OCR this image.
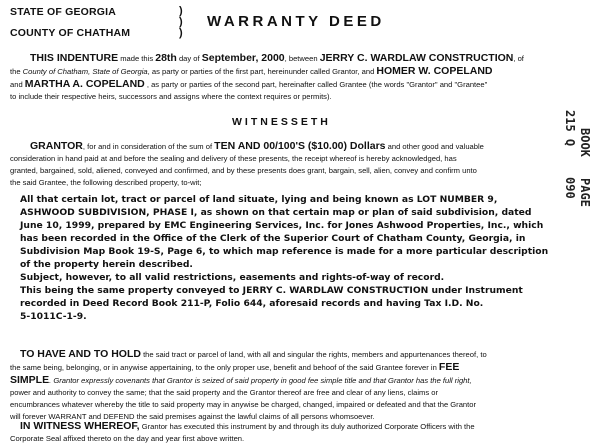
STATE OF GEORGIA
COUNTY OF CHATHAM
)
)
)
WARRANTY DEED
THIS INDENTURE made this 28th day of September, 2000, between JERRY C. WARDLAW CONSTRUCTION, of
the County of Chatham, State of Georgia, as party or parties of the first part, hereinunder called Grantor, and HOMER W. COPELAND
and MARTHA A. COPELAND , as party or parties of the second part, hereinafter called Grantee (the words "Grantor" and "Grantee"
to include their respective heirs, successors and assigns where the context requires or permits).
WITNESSETH
GRANTOR, for and in consideration of the sum of TEN AND 00/100'S ($10.00) Dollars and other good and valuable
consideration in hand paid at and before the sealing and delivery of these presents, the receipt whereof is hereby acknowledged, has
granted, bargained, sold, aliened, conveyed and confirmed, and by these presents does grant, bargain, sell, alien, convey and confirm unto
the said Grantee, the following described property, to-wit;
All that certain lot, tract or parcel of land situate, lying and being known as LOT NUMBER 9,
ASHWOOD SUBDIVISION, PHASE I, as shown on that certain map or plan of said subdivision, dated
June 10, 1999, prepared by EMC Engineering Services, Inc. for Jones Ashwood Properties, Inc., which
has been recorded in the Office of the Clerk of the Superior Court of Chatham County, Georgia, in
Subdivision Map Book 19-S, Page 6, to which map reference is made for a more particular description
of the property herein described.
Subject, however, to all valid restrictions, easements and rights-of-way of record.
This being the same property conveyed to JERRY C. WARDLAW CONSTRUCTION under Instrument
recorded in Deed Record Book 211-P, Folio 644, aforesaid records and having Tax I.D. No.
5-1011C-1-9.
TO HAVE AND TO HOLD the said tract or parcel of land, with all and singular the rights, members and appurtenances thereof, to
the same being, belonging, or in anywise appertaining, to the only proper use, benefit and behoof of the said Grantee forever in FEE
SIMPLE. Grantor expressly covenants that Grantor is seized of said property in good fee simple title and that Grantor has the full right,
power and authority to convey the same; that the said property and the Grantor thereof are free and clear of any liens, claims or
encumbrances whatever whereby the title to said property may in anywise be charged, changed, impaired or defeated and that the Grantor
will forever WARRANT and DEFEND the said premises against the lawful claims of all persons whomsoever.
IN WITNESS WHEREOF, Grantor has executed this instrument by and through its duly authorized Corporate Officers with the
Corporate Seal affixed thereto on the day and year first above written.
BOOK
215 Q
PAGE
090
